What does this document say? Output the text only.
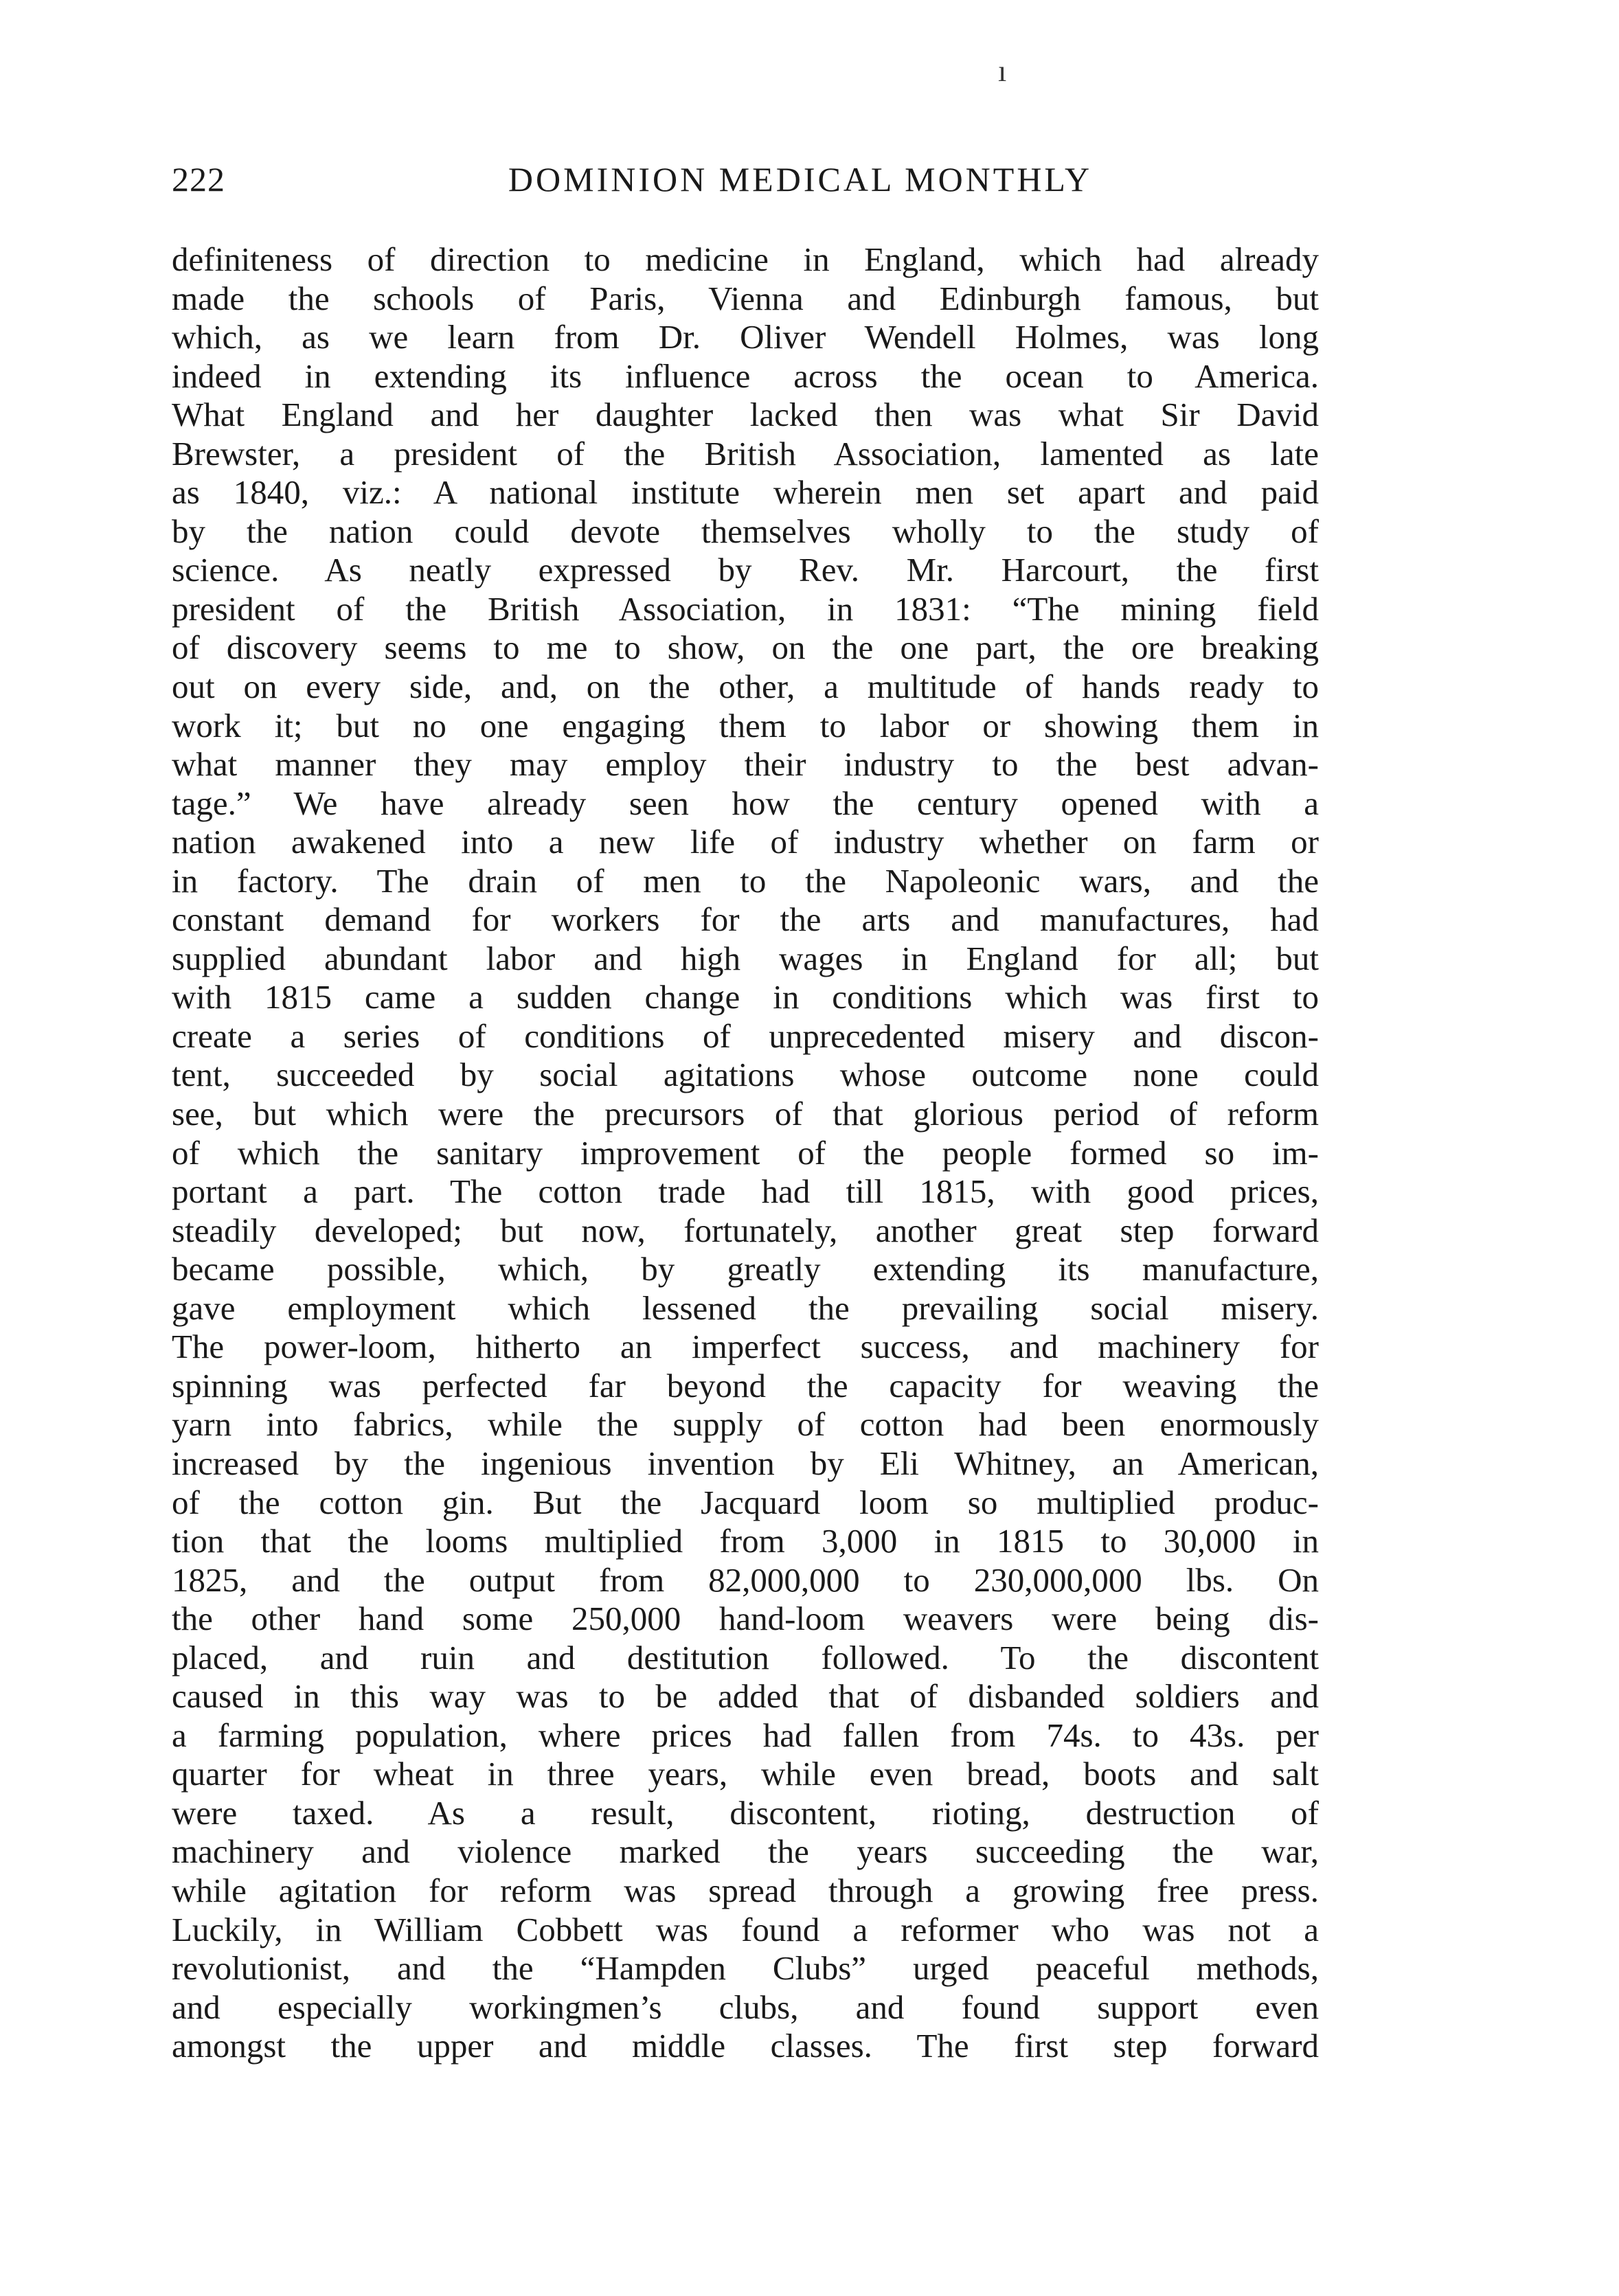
ı
222	DOMINION MEDICAL MONTHLY
definiteness of direction to medicine in England, which had already
made the schools of Paris, Vienna and Edinburgh famous, but
which, as we learn from Dr. Oliver Wendell Holmes, was long
indeed in extending its influence across the ocean to America.
What England and her daughter lacked then was what Sir David
Brewster, a president of the British Association, lamented as late
as 1840, viz.: A national institute wherein men set apart and paid
by the nation could devote themselves wholly to the study of
science. As neatly expressed by Rev. Mr. Harcourt, the first
president of the British Association, in 1831: “The mining field
of discovery seems to me to show, on the one part, the ore breaking
out on every side, and, on the other, a multitude of hands ready to
work it; but no one engaging them to labor or showing them in
what manner they may employ their industry to the best advan-
tage.” We have already seen how the century opened with a
nation awakened into a new life of industry whether on farm or
in factory. The drain of men to the Napoleonic wars, and the
constant demand for workers for the arts and manufactures, had
supplied abundant labor and high wages in England for all; but
with 1815 came a sudden change in conditions which was first to
create a series of conditions of unprecedented misery and discon-
tent, succeeded by social agitations whose outcome none could
see, but which were the precursors of that glorious period of reform
of which the sanitary improvement of the people formed so im-
portant a part. The cotton trade had till 1815, with good prices,
steadily developed; but now, fortunately, another great step forward
became possible, which, by greatly extending its manufacture,
gave employment which lessened the prevailing social misery.
The power-loom, hitherto an imperfect success, and machinery for
spinning was perfected far beyond the capacity for weaving the
yarn into fabrics, while the supply of cotton had been enormously
increased by the ingenious invention by Eli Whitney, an American,
of the cotton gin. But the Jacquard loom so multiplied produc-
tion that the looms multiplied from 3,000 in 1815 to 30,000 in
1825, and the output from 82,000,000 to 230,000,000 lbs. On
the other hand some 250,000 hand-loom weavers were being dis-
placed, and ruin and destitution followed. To the discontent
caused in this way was to be added that of disbanded soldiers and
a farming population, where prices had fallen from 74s. to 43s. per
quarter for wheat in three years, while even bread, boots and salt
were taxed. As a result, discontent, rioting, destruction of
machinery and violence marked the years succeeding the war,
while agitation for reform was spread through a growing free press.
Luckily, in William Cobbett was found a reformer who was not a
revolutionist, and the “Hampden Clubs” urged peaceful methods,
and especially workingmen’s clubs, and found support even
amongst the upper and middle classes. The first step forward
